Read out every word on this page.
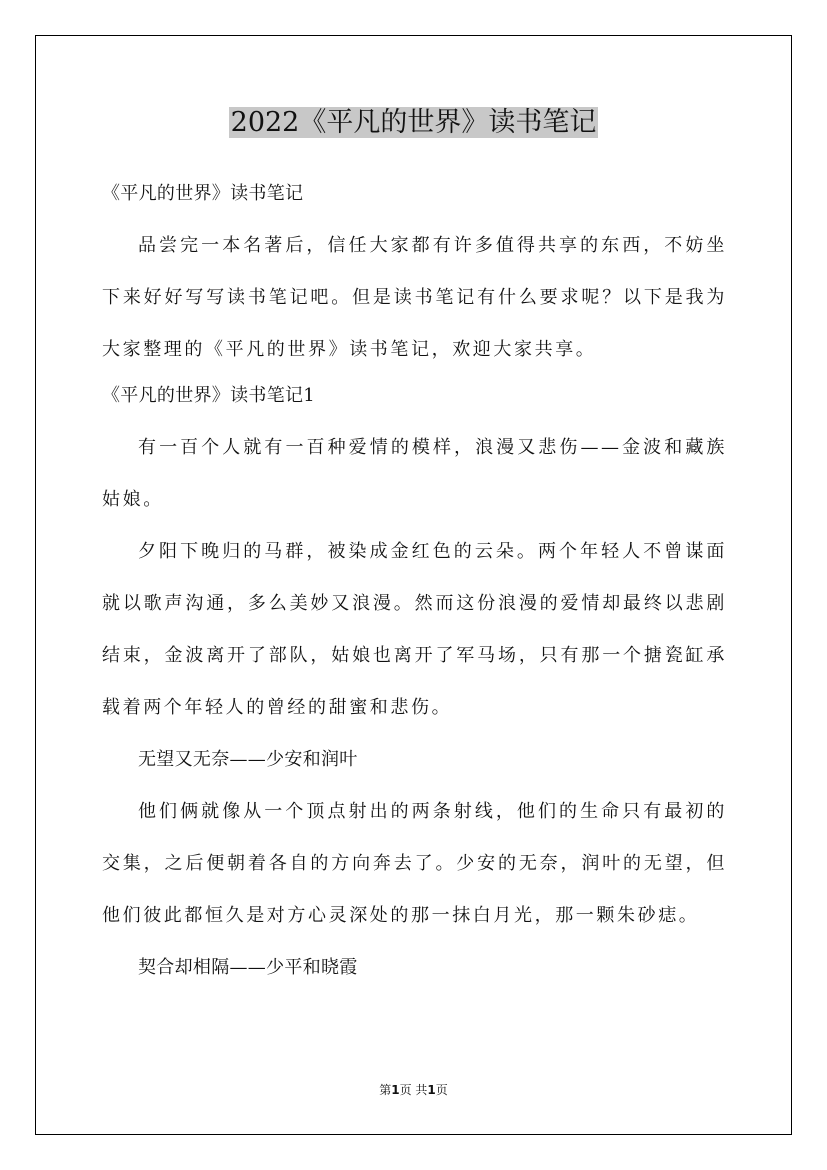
2022《平凡的世界》读书笔记

《平凡的世界》读书笔记

品尝完一本名著后，信任大家都有许多值得共享的东西，不妨坐下来好好写写读书笔记吧。但是读书笔记有什么要求呢？以下是我为大家整理的《平凡的世界》读书笔记，欢迎大家共享。

《平凡的世界》读书笔记1

有一百个人就有一百种爱情的模样，浪漫又悲伤——金波和藏族姑娘。

夕阳下晚归的马群，被染成金红色的云朵。两个年轻人不曾谋面就以歌声沟通，多么美妙又浪漫。然而这份浪漫的爱情却最终以悲剧结束，金波离开了部队，姑娘也离开了军马场，只有那一个搪瓷缸承载着两个年轻人的曾经的甜蜜和悲伤。

无望又无奈——少安和润叶

他们俩就像从一个顶点射出的两条射线，他们的生命只有最初的交集，之后便朝着各自的方向奔去了。少安的无奈，润叶的无望，但他们彼此都恒久是对方心灵深处的那一抹白月光，那一颗朱砂痣。

契合却相隔——少平和晓霞

第1页 共1页
